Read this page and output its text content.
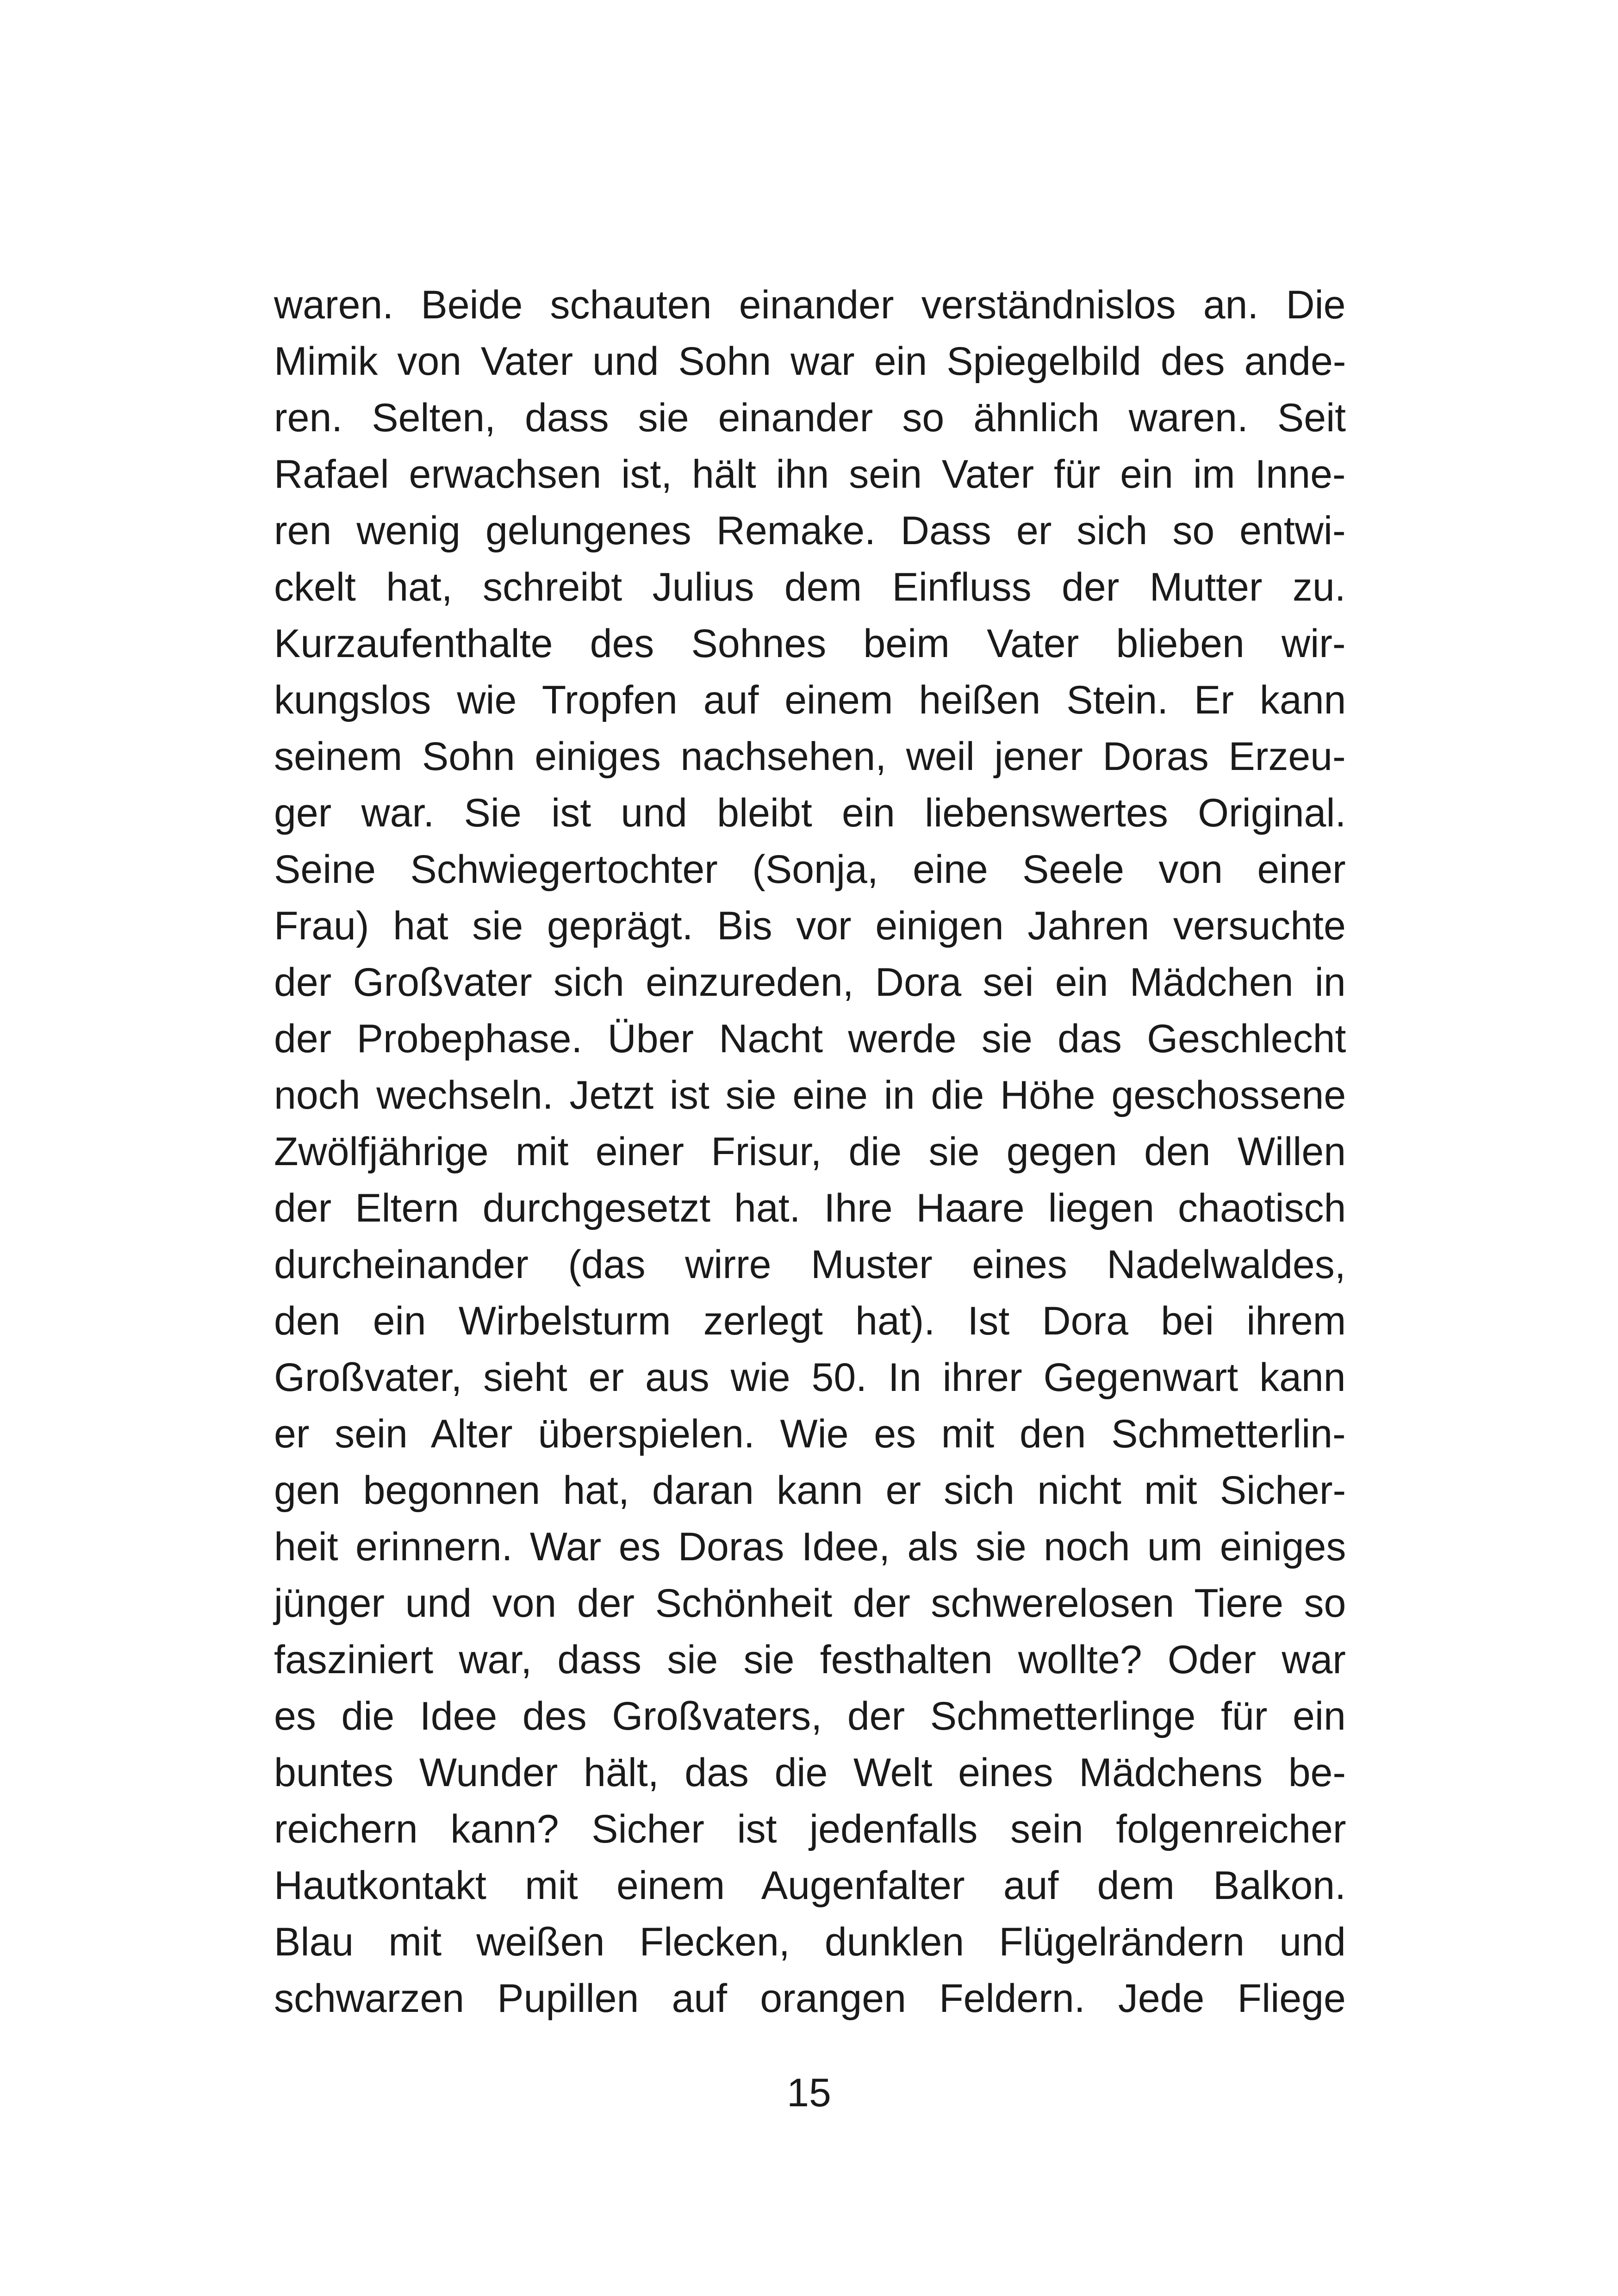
waren. Beide schauten einander verständnislos an. Die
Mimik von Vater und Sohn war ein Spiegelbild des ande-
ren. Selten, dass sie einander so ähnlich waren. Seit
Rafael erwachsen ist, hält ihn sein Vater für ein im Inne-
ren wenig gelungenes Remake. Dass er sich so entwi-
ckelt hat, schreibt Julius dem Einfluss der Mutter zu.
Kurzaufenthalte des Sohnes beim Vater blieben wir-
kungslos wie Tropfen auf einem heißen Stein. Er kann
seinem Sohn einiges nachsehen, weil jener Doras Erzeu-
ger war. Sie ist und bleibt ein liebenswertes Original.
Seine Schwiegertochter (Sonja, eine Seele von einer
Frau) hat sie geprägt. Bis vor einigen Jahren versuchte
der Großvater sich einzureden, Dora sei ein Mädchen in
der Probephase. Über Nacht werde sie das Geschlecht
noch wechseln. Jetzt ist sie eine in die Höhe geschossene
Zwölfjährige mit einer Frisur, die sie gegen den Willen
der Eltern durchgesetzt hat. Ihre Haare liegen chaotisch
durcheinander (das wirre Muster eines Nadelwaldes,
den ein Wirbelsturm zerlegt hat). Ist Dora bei ihrem
Großvater, sieht er aus wie 50. In ihrer Gegenwart kann
er sein Alter überspielen. Wie es mit den Schmetterlin-
gen begonnen hat, daran kann er sich nicht mit Sicher-
heit erinnern. War es Doras Idee, als sie noch um einiges
jünger und von der Schönheit der schwerelosen Tiere so
fasziniert war, dass sie sie festhalten wollte? Oder war
es die Idee des Großvaters, der Schmetterlinge für ein
buntes Wunder hält, das die Welt eines Mädchens be-
reichern kann? Sicher ist jedenfalls sein folgenreicher
Hautkontakt mit einem Augenfalter auf dem Balkon.
Blau mit weißen Flecken, dunklen Flügelrändern und
schwarzen Pupillen auf orangen Feldern. Jede Fliege
15
